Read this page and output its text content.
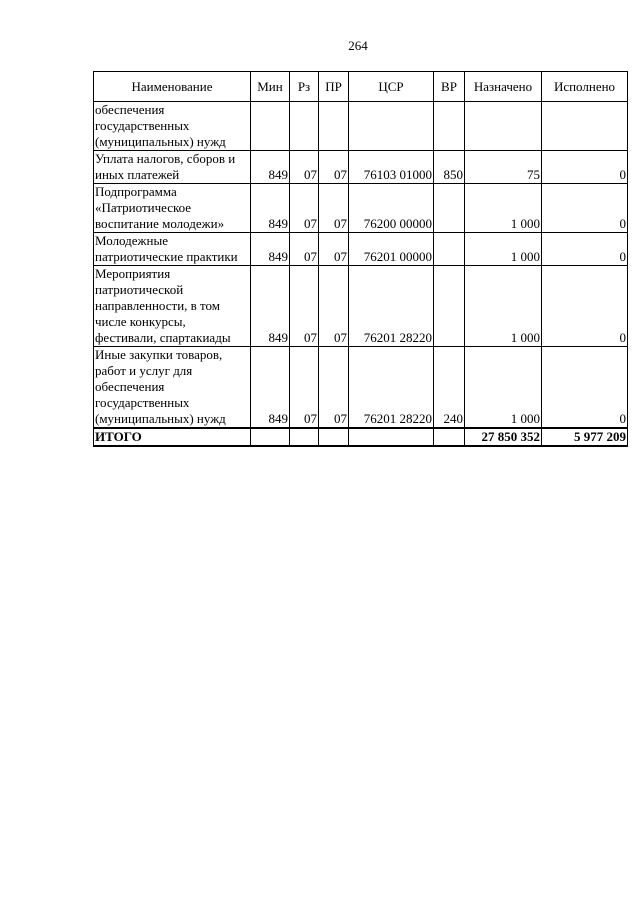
264
Наименование	Мин	Рз	ПР	ЦСР	ВР	Назначено	Исполнено
обеспечения государственных (муниципальных) нужд							
Уплата налогов, сборов и иных платежей	849	07	07	76103 01000	850	75	0
Подпрограмма «Патриотическое воспитание молодежи»	849	07	07	76200 00000		1 000	0
Молодежные патриотические практики	849	07	07	76201 00000		1 000	0
Мероприятия патриотической направленности, в том числе конкурсы, фестивали, спартакиады	849	07	07	76201 28220		1 000	0
Иные закупки товаров, работ и услуг для обеспечения государственных (муниципальных) нужд	849	07	07	76201 28220	240	1 000	0
ИТОГО						27 850 352	5 977 209
